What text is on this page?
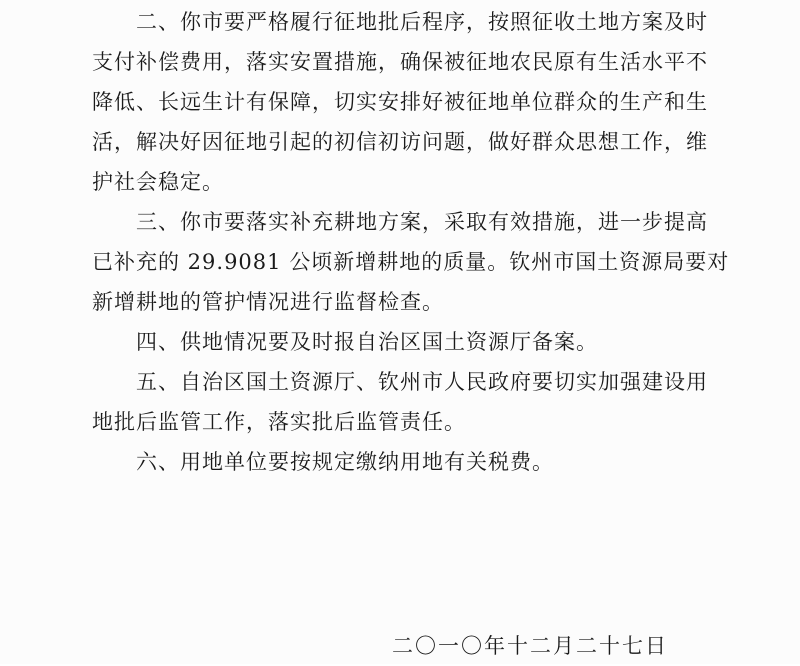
　　二、你市要严格履行征地批后程序，按照征收土地方案及时
支付补偿费用，落实安置措施，确保被征地农民原有生活水平不
降低、长远生计有保障，切实安排好被征地单位群众的生产和生
活，解决好因征地引起的初信初访问题，做好群众思想工作，维
护社会稳定。
　　三、你市要落实补充耕地方案，采取有效措施，进一步提高
已补充的 29.9081 公顷新增耕地的质量。钦州市国土资源局要对
新增耕地的管护情况进行监督检查。
　　四、供地情况要及时报自治区国土资源厅备案。
　　五、自治区国土资源厅、钦州市人民政府要切实加强建设用
地批后监管工作，落实批后监管责任。
　　六、用地单位要按规定缴纳用地有关税费。
二〇一〇年十二月二十七日
